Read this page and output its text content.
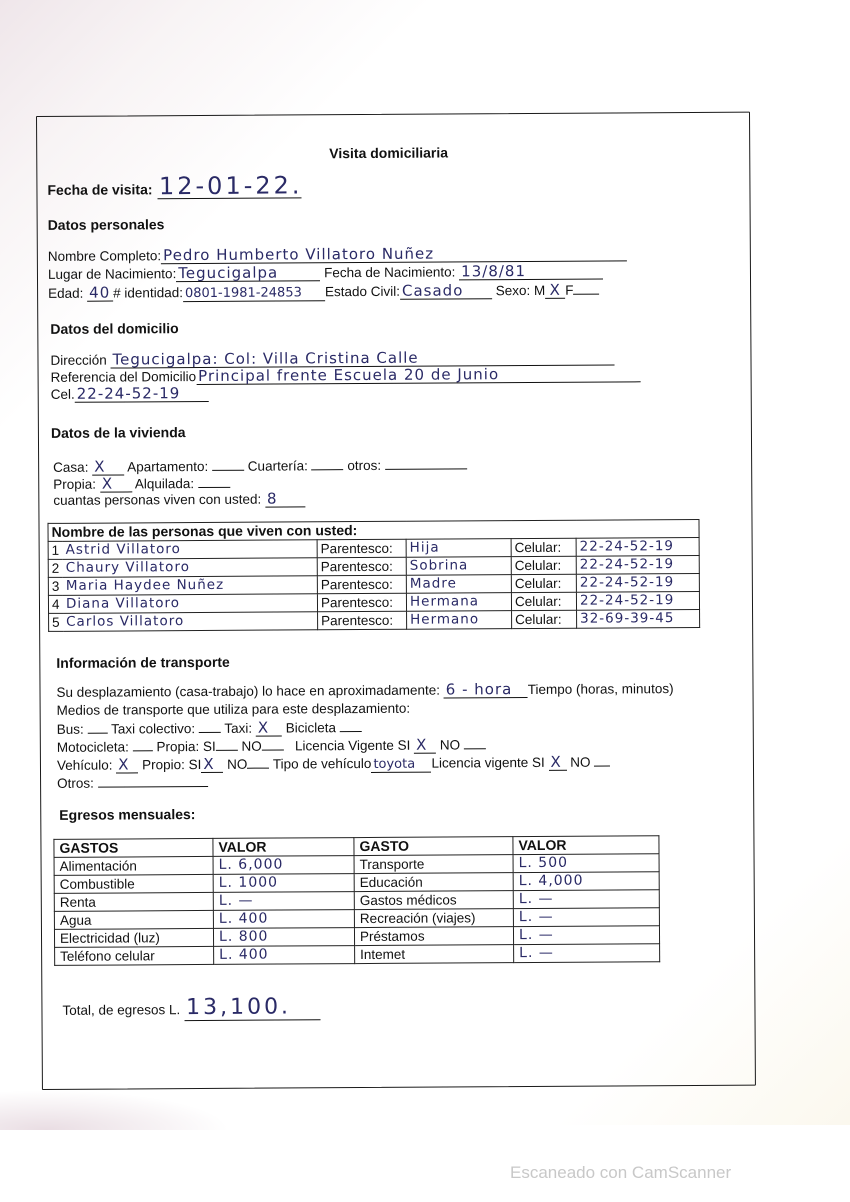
Visita domiciliaria
Fecha de visita: 12-01-22.
Datos personales
Nombre Completo: Pedro Humberto Villatoro Nuñez
Lugar de Nacimiento: Tegucigalpa	Fecha de Nacimiento: 13/8/81
Edad: 40 # identidad: 0801-1981-24853 Estado Civil: Casado Sexo: M X F
Datos del domicilio
Dirección Tegucigalpa: Col: Villa Cristina Calle
Referencia del Domicilio Principal frente Escuela 20 de Junio
Cel. 22-24-52-19
Datos de la vivienda
Casa: X Apartamento:	Cuartería:	otros:
Propia: X Alquilada:
cuantas personas viven con usted: 8
Nombre de las personas que viven con usted:					
1	Astrid Villatoro	Parentesco:	Hija	Celular:	22-24-52-19
2	Chaury Villatoro	Parentesco:	Sobrina	Celular:	22-24-52-19
3	Maria Haydee Nuñez	Parentesco:	Madre	Celular:	22-24-52-19
4	Diana Villatoro	Parentesco:	Hermana	Celular:	22-24-52-19
5	Carlos Villatoro	Parentesco:	Hermano	Celular:	32-69-39-45
Información de transporte
Su desplazamiento (casa-trabajo) lo hace en aproximadamente: 6 - hora Tiempo (horas, minutos)
Medios de transporte que utiliza para este desplazamiento:
Bus: Taxi colectivo: Taxi: X Bicicleta
Motocicleta: Propia: SI NO Licencia Vigente SI X NO
Vehículo: X Propio: SI X NO Tipo de vehículo toyota Licencia vigente SI X NO
Otros:
Egresos mensuales:
GASTOS	VALOR	GASTO	VALOR
Alimentación	L. 6,000	Transporte	L. 500
Combustible	L. 1000	Educación	L. 4,000
Renta	L. —	Gastos médicos	L. —
Agua	L. 400	Recreación (viajes)	L. —
Electricidad (luz)	L. 800	Préstamos	L. —
Teléfono celular	L. 400	Intemet	L. —
Total, de egresos L. 13,100.
Escaneado con CamScanner
